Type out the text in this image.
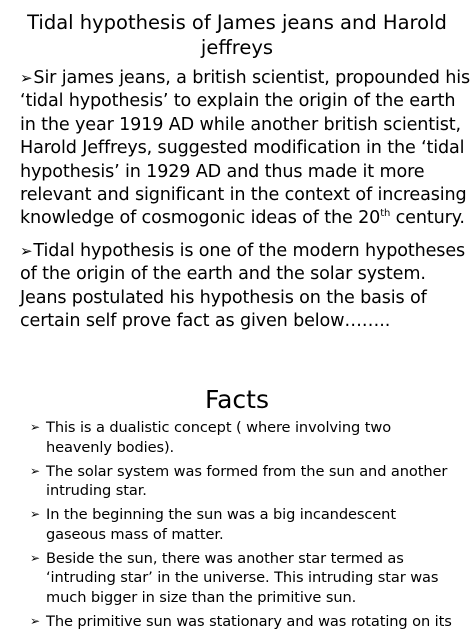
Tidal hypothesis of James jeans and Harold jeffreys

➢Sir james jeans, a british scientist, propounded his ‘tidal hypothesis’ to explain the origin of the earth in the year 1919 AD while another british scientist, Harold Jeffreys, suggested modification in the ‘tidal hypothesis’ in 1929 AD and thus made it more relevant and significant in the context of increasing knowledge of cosmogonic ideas of the 20th century.

➢Tidal hypothesis is one of the modern hypotheses of the origin of the earth and the solar system. Jeans postulated his hypothesis on the basis of certain self prove fact as given below……..

Facts
➢ This is a dualistic concept ( where involving two heavenly bodies).
➢ The solar system was formed from the sun and another intruding star.
➢ In the beginning the sun was a big incandescent gaseous mass of matter.
➢ Beside the sun, there was another star termed as ‘intruding star’ in the universe. This intruding star was much bigger in size than the primitive sun.
➢ The primitive sun was stationary and was rotating on its
